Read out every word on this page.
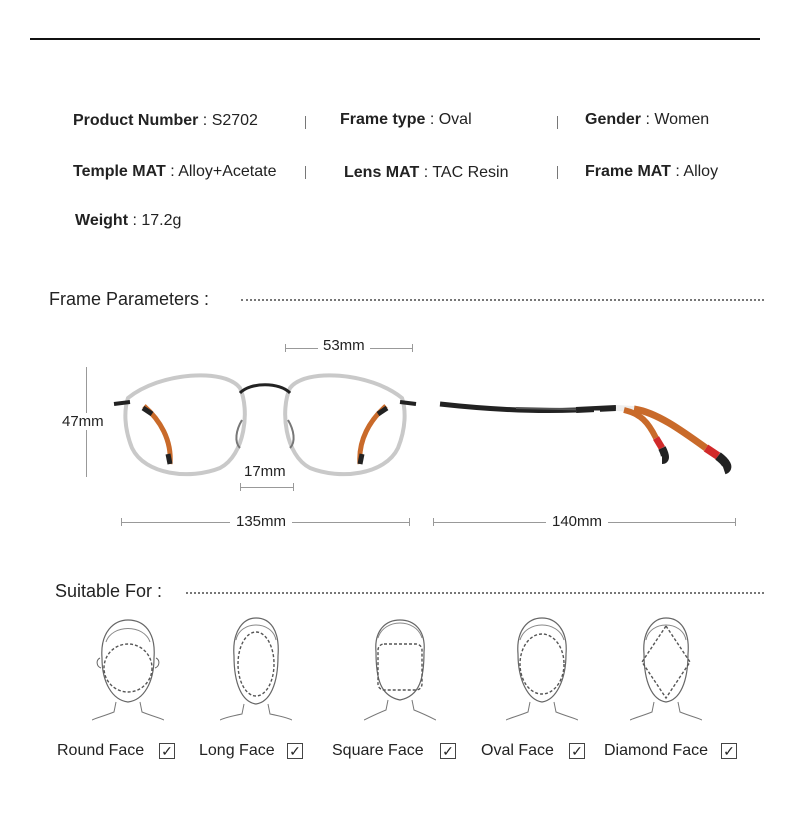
Product Number : S2702	Frame type : Oval	Gender : Women
Temple MAT : Alloy+Acetate	Lens MAT : TAC Resin	Frame MAT : Alloy
Weight : 17.2g
Frame Parameters :
53mm
47mm
17mm
135mm	140mm
Suitable For :
Round Face ✓ Long Face ✓ Square Face ✓ Oval Face ✓ Diamond Face ✓
